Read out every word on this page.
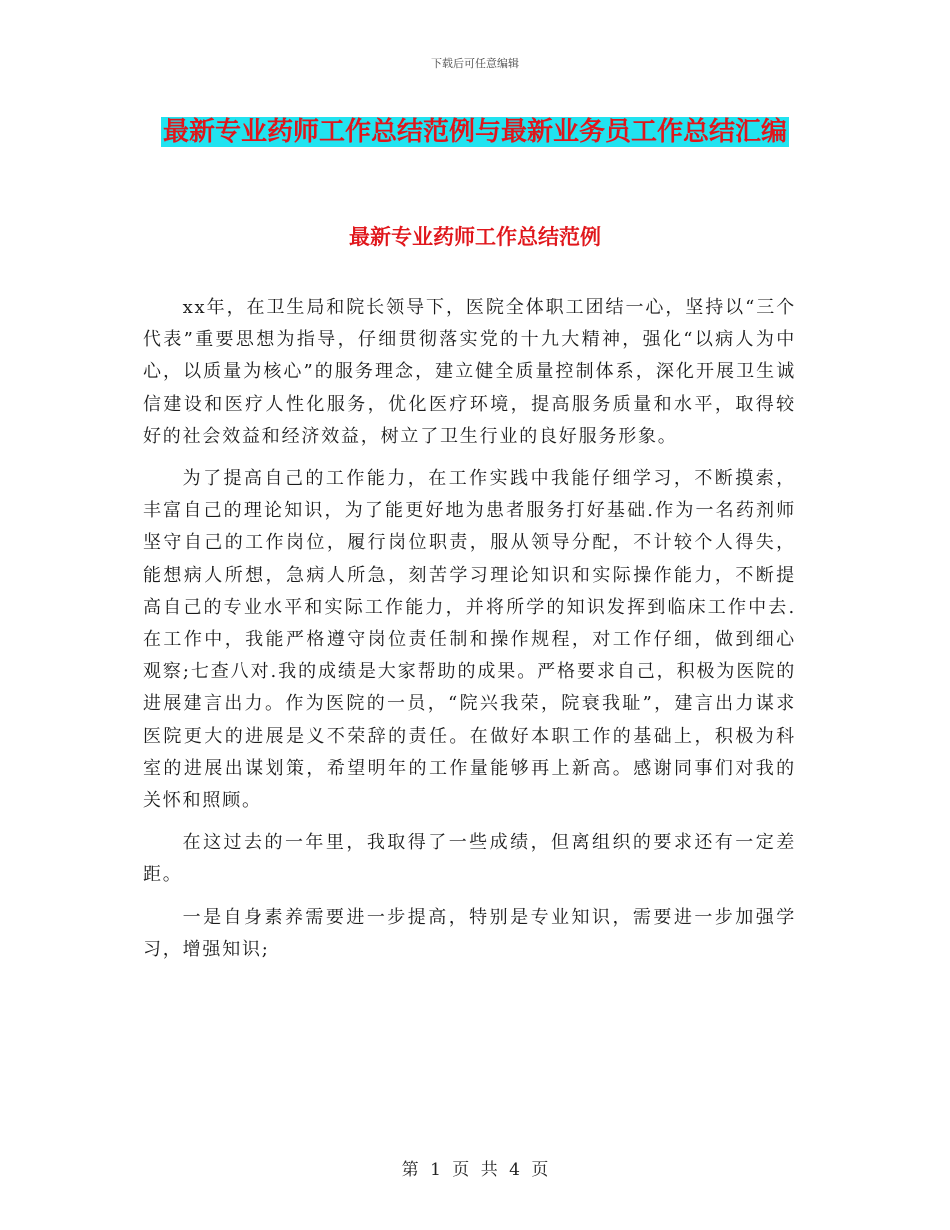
下载后可任意编辑
最新专业药师工作总结范例与最新业务员工作总结汇编
最新专业药师工作总结范例

xx年，在卫生局和院长领导下，医院全体职工团结一心，坚持以“三个代表”重要思想为指导，仔细贯彻落实党的十九大精神，强化“以病人为中心，以质量为核心”的服务理念，建立健全质量控制体系，深化开展卫生诚信建设和医疗人性化服务，优化医疗环境，提高服务质量和水平，取得较好的社会效益和经济效益，树立了卫生行业的良好服务形象。

为了提高自己的工作能力，在工作实践中我能仔细学习，不断摸索，丰富自己的理论知识，为了能更好地为患者服务打好基础.作为一名药剂师坚守自己的工作岗位，履行岗位职责，服从领导分配，不计较个人得失，能想病人所想，急病人所急，刻苦学习理论知识和实际操作能力，不断提高自己的专业水平和实际工作能力，并将所学的知识发挥到临床工作中去.在工作中，我能严格遵守岗位责任制和操作规程，对工作仔细，做到细心观察;七查八对.我的成绩是大家帮助的成果。严格要求自己，积极为医院的进展建言出力。作为医院的一员，“院兴我荣，院衰我耻”，建言出力谋求医院更大的进展是义不荣辞的责任。在做好本职工作的基础上，积极为科室的进展出谋划策，希望明年的工作量能够再上新高。感谢同事们对我的关怀和照顾。

在这过去的一年里，我取得了一些成绩，但离组织的要求还有一定差距。

一是自身素养需要进一步提高，特别是专业知识，需要进一步加强学习，增强知识;

第 1 页 共 4 页
